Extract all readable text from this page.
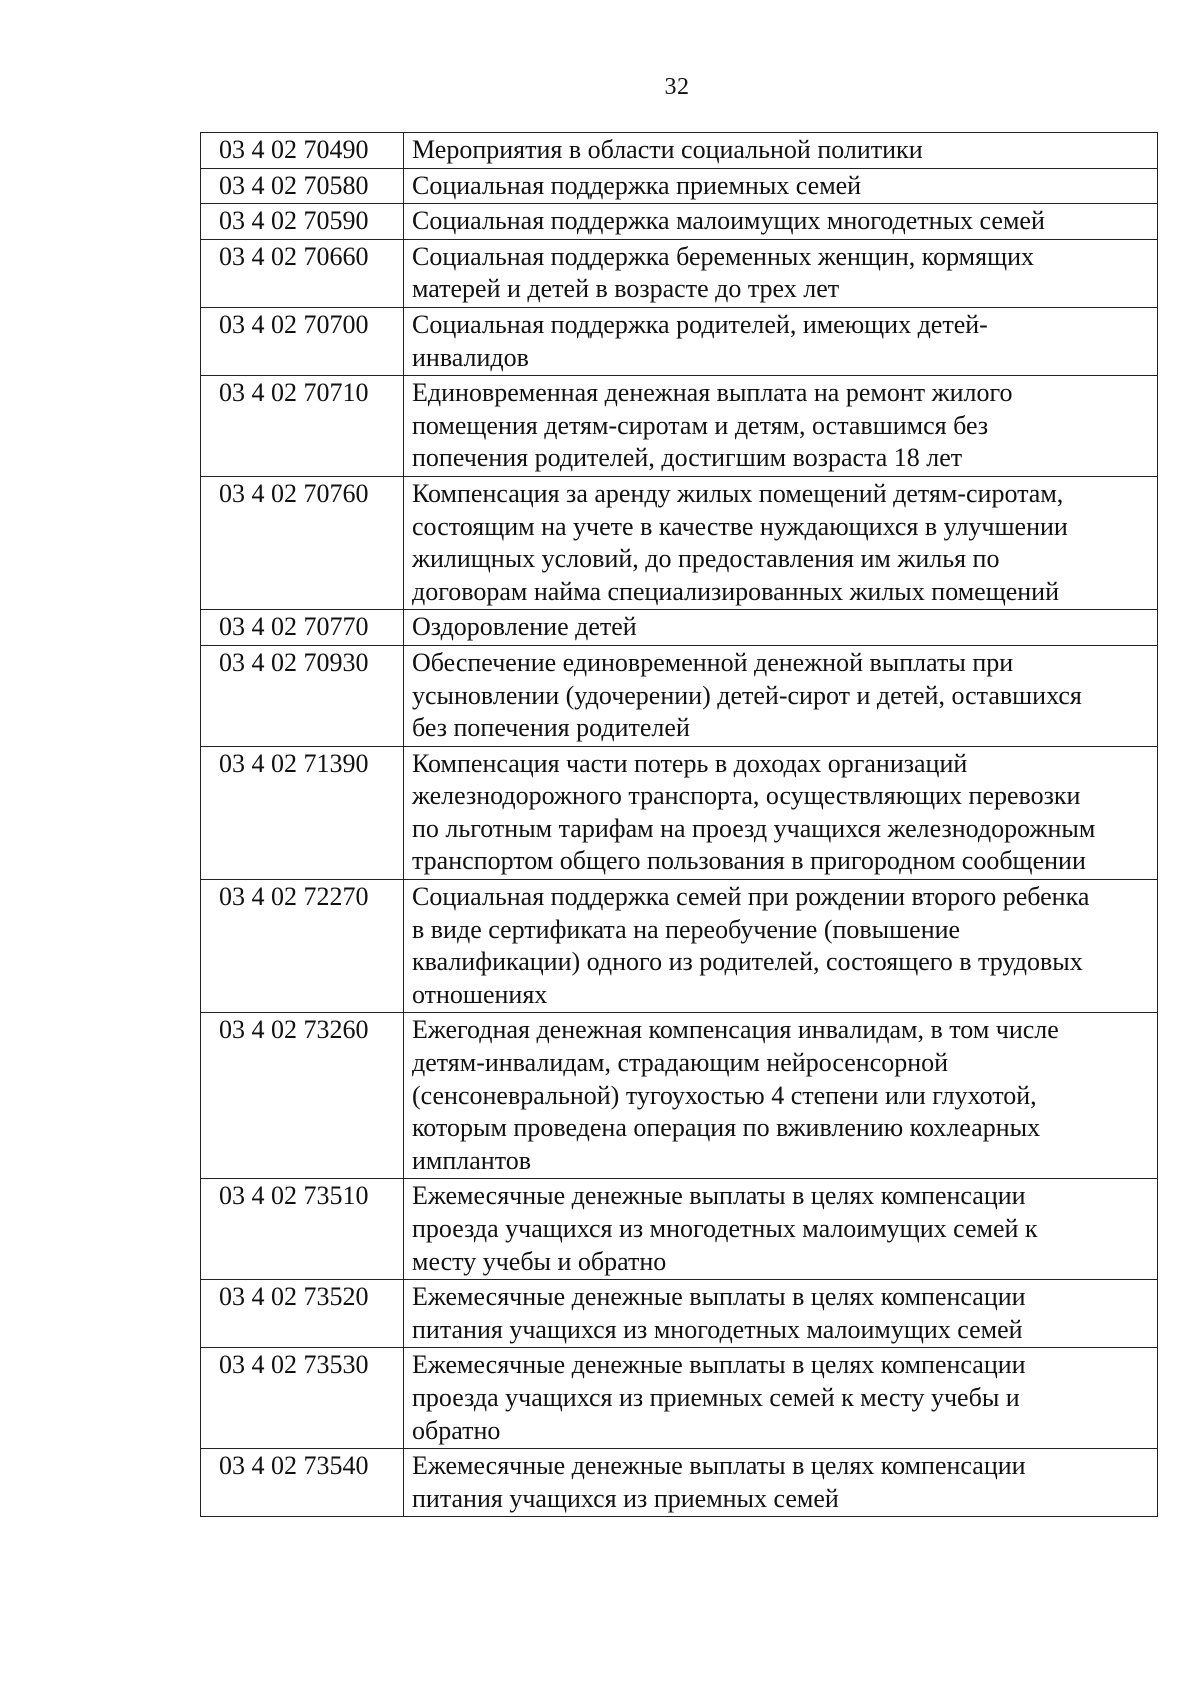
32
03 4 02 70490	Мероприятия в области социальной политики

03 4 02 70580	Социальная поддержка приемных семей

03 4 02 70590	Социальная поддержка малоимущих многодетных семей

03 4 02 70660	Социальная поддержка беременных женщин, кормящих
матерей и детей в возрасте до трех лет

03 4 02 70700	Социальная поддержка родителей, имеющих детей-
инвалидов

03 4 02 70710	Единовременная денежная выплата на ремонт жилого
помещения детям-сиротам и детям, оставшимся без
попечения родителей, достигшим возраста 18 лет

03 4 02 70760	Компенсация за аренду жилых помещений детям-сиротам,
состоящим на учете в качестве нуждающихся в улучшении
жилищных условий, до предоставления им жилья по
договорам найма специализированных жилых помещений

03 4 02 70770	Оздоровление детей

03 4 02 70930	Обеспечение единовременной денежной выплаты при
усыновлении (удочерении) детей-сирот и детей, оставшихся
без попечения родителей

03 4 02 71390	Компенсация части потерь в доходах организаций
железнодорожного транспорта, осуществляющих перевозки
по льготным тарифам на проезд учащихся железнодорожным
транспортом общего пользования в пригородном сообщении

03 4 02 72270	Социальная поддержка семей при рождении второго ребенка
в виде сертификата на переобучение (повышение
квалификации) одного из родителей, состоящего в трудовых
отношениях

03 4 02 73260	Ежегодная денежная компенсация инвалидам, в том числе
детям-инвалидам, страдающим нейросенсорной
(сенсоневральной) тугоухостью 4 степени или глухотой,
которым проведена операция по вживлению кохлеарных
имплантов

03 4 02 73510	Ежемесячные денежные выплаты в целях компенсации
проезда учащихся из многодетных малоимущих семей к
месту учебы и обратно

03 4 02 73520	Ежемесячные денежные выплаты в целях компенсации
питания учащихся из многодетных малоимущих семей

03 4 02 73530	Ежемесячные денежные выплаты в целях компенсации
проезда учащихся из приемных семей к месту учебы и
обратно

03 4 02 73540	Ежемесячные денежные выплаты в целях компенсации
питания учащихся из приемных семей
